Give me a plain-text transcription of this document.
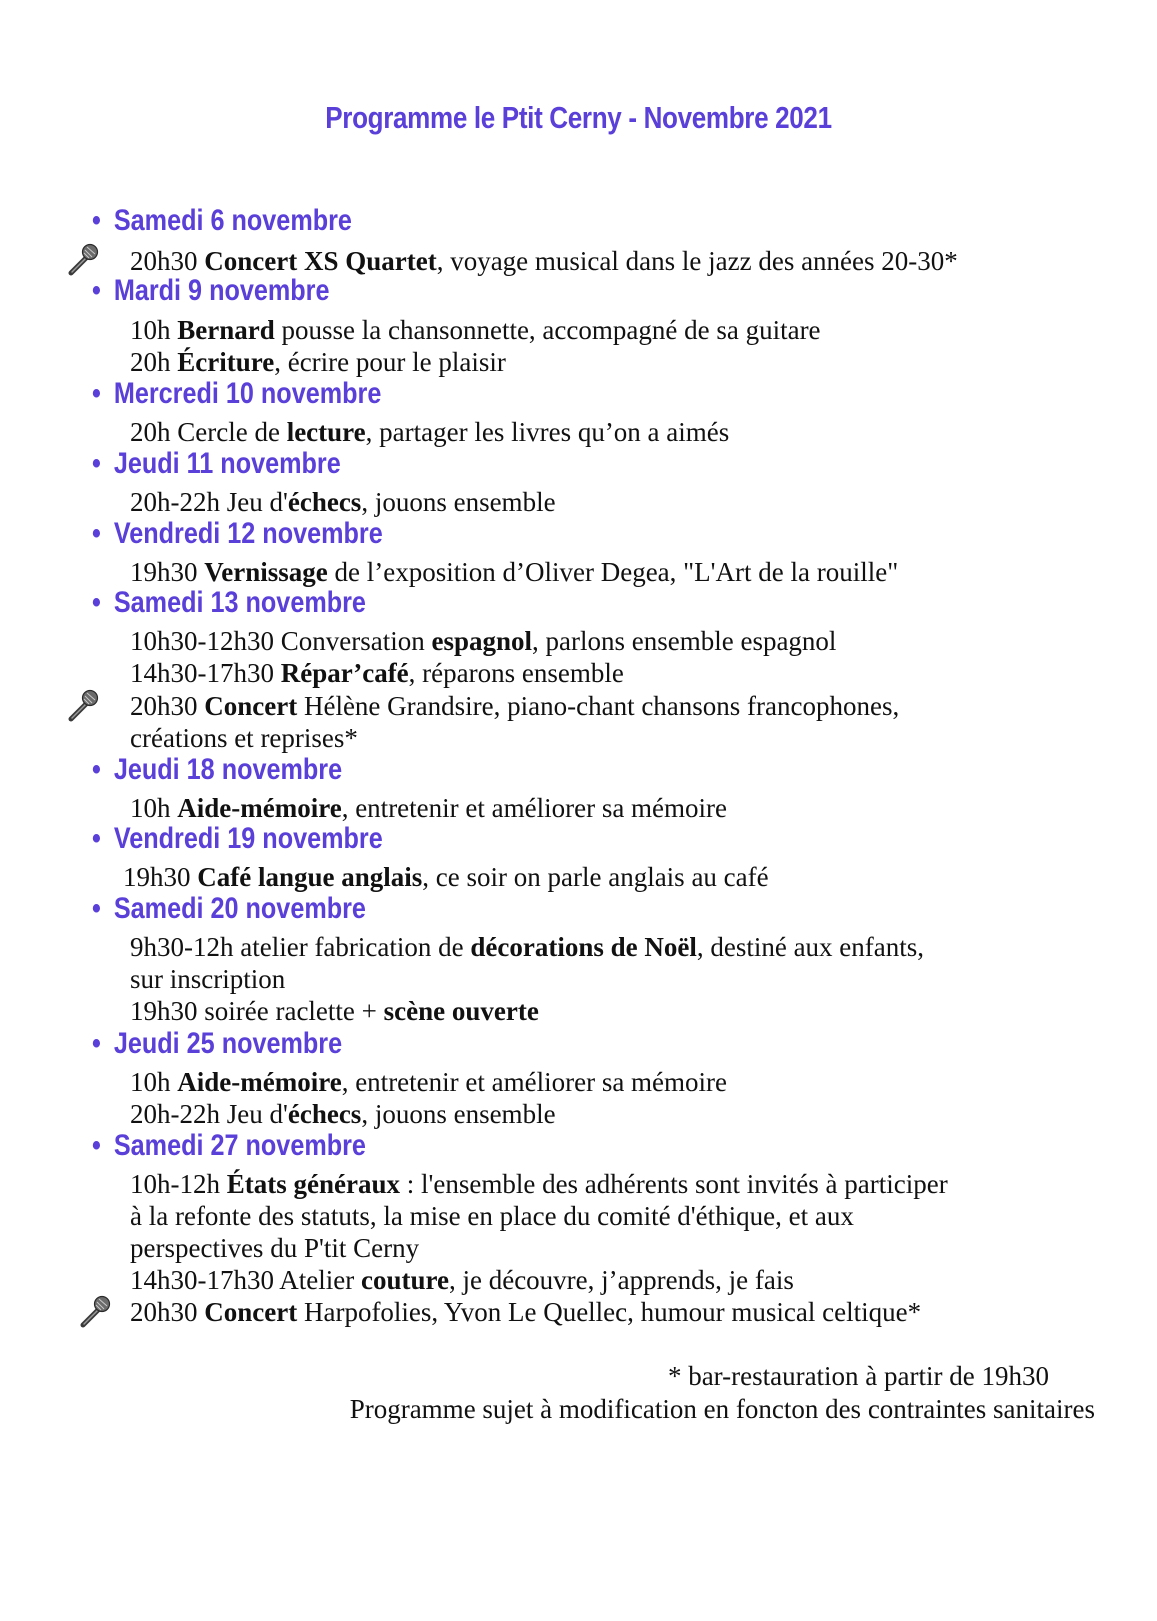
Programme le Ptit Cerny - Novembre 2021
• Samedi 6 novembre
20h30 Concert XS Quartet, voyage musical dans le jazz des années 20-30*
• Mardi 9 novembre
10h Bernard pousse la chansonnette, accompagné de sa guitare
20h Écriture, écrire pour le plaisir
• Mercredi 10 novembre
20h Cercle de lecture, partager les livres qu’on a aimés
• Jeudi 11 novembre
20h-22h Jeu d'échecs, jouons ensemble
• Vendredi 12 novembre
19h30 Vernissage de l’exposition d’Oliver Degea, "L'Art de la rouille"
• Samedi 13 novembre
10h30-12h30 Conversation espagnol, parlons ensemble espagnol
14h30-17h30 Répar’café, réparons ensemble
20h30 Concert Hélène Grandsire, piano-chant chansons francophones,
créations et reprises*
• Jeudi 18 novembre
10h Aide-mémoire, entretenir et améliorer sa mémoire
• Vendredi 19 novembre
19h30 Café langue anglais, ce soir on parle anglais au café
• Samedi 20 novembre
9h30-12h atelier fabrication de décorations de Noël, destiné aux enfants,
sur inscription
19h30 soirée raclette + scène ouverte
• Jeudi 25 novembre
10h Aide-mémoire, entretenir et améliorer sa mémoire
20h-22h Jeu d'échecs, jouons ensemble
• Samedi 27 novembre
10h-12h États généraux : l'ensemble des adhérents sont invités à participer
à la refonte des statuts, la mise en place du comité d'éthique, et aux
perspectives du P'tit Cerny
14h30-17h30 Atelier couture, je découvre, j’apprends, je fais
20h30 Concert Harpofolies, Yvon Le Quellec, humour musical celtique*
* bar-restauration à partir de 19h30
Programme sujet à modification en foncton des contraintes sanitaires
